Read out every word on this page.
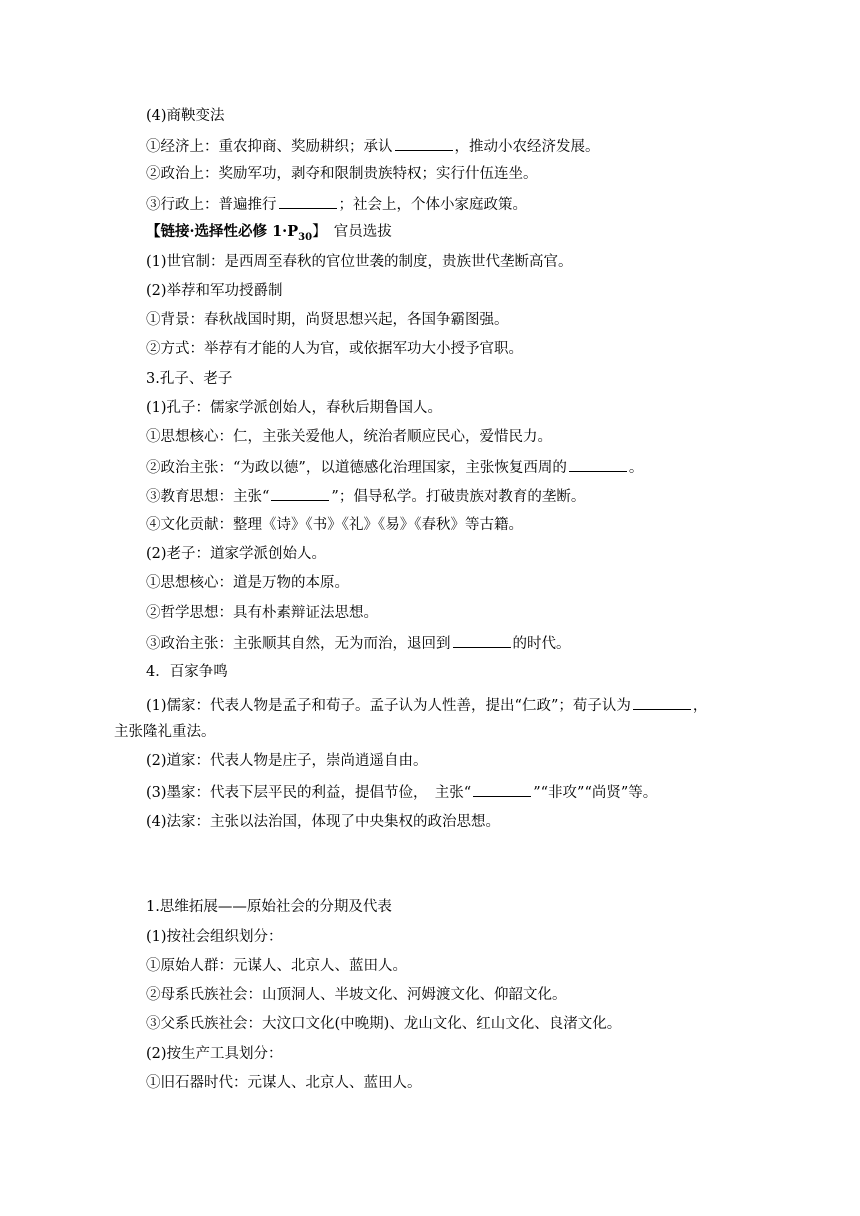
(4)商鞅变法
①经济上：重农抑商、奖励耕织；承认	，推动小农经济发展。
②政治上：奖励军功，剥夺和限制贵族特权；实行什伍连坐。
③行政上：普遍推行	；社会上，个体小家庭政策。
【链接·选择性必修 $1\cdot P_{30}$】　官员选拔
(1)世官制：是西周至春秋的官位世袭的制度，贵族世代垄断高官。
(2)举荐和军功授爵制
①背景：春秋战国时期，尚贤思想兴起，各国争霸图强。
②方式：举荐有才能的人为官，或依据军功大小授予官职。
3.孔子、老子
(1)孔子：儒家学派创始人，春秋后期鲁国人。
①思想核心：仁，主张关爱他人，统治者顺应民心，爱惜民力。
②政治主张：“为政以德”，以道德感化治理国家，主张恢复西周的	。
③教育思想：主张“	”；倡导私学。打破贵族对教育的垄断。
④文化贡献：整理《诗》《书》《礼》《易》《春秋》等古籍。
(2)老子：道家学派创始人。
①思想核心：道是万物的本原。
②哲学思想：具有朴素辩证法思想。
③政治主张：主张顺其自然，无为而治，退回到	的时代。
4．百家争鸣
(1)儒家：代表人物是孟子和荀子。孟子认为人性善，提出“仁政”；荀子认为	，
主张隆礼重法。
(2)道家：代表人物是庄子，崇尚逍遥自由。
(3)墨家：代表下层平民的利益，提倡节俭，　主张“	”“非攻”“尚贤”等。
(4)法家：主张以法治国，体现了中央集权的政治思想。
1.思维拓展——原始社会的分期及代表
(1)按社会组织划分：
①原始人群：元谋人、北京人、蓝田人。
②母系氏族社会：山顶洞人、半坡文化、河姆渡文化、仰韶文化。
③父系氏族社会：大汶口文化(中晚期)、龙山文化、红山文化、良渚文化。
(2)按生产工具划分：
①旧石器时代：元谋人、北京人、蓝田人。
